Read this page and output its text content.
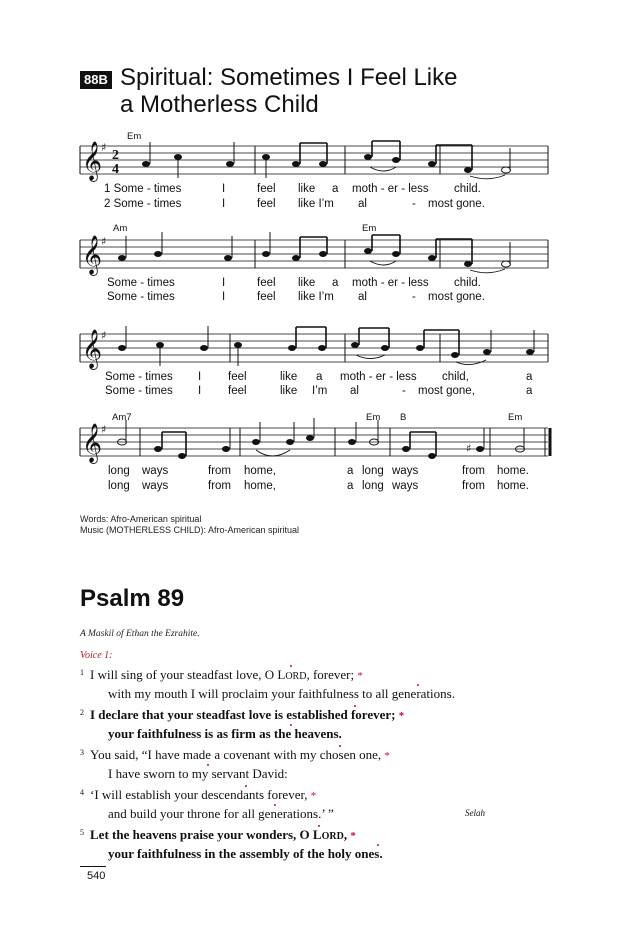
88B Spiritual: Sometimes I Feel Like
a Motherless Child
𝄞
𝄞
𝄞
𝄞
♯
♯
♯
♯
2
4
♯
Em
Am	Em
Am7	Em B	Em
1 Some - times	I	feel like a moth - er - less child.
2 Some - times	I	feel like I’m al	- most gone.
Some - times	I	feel like a moth - er - less child.
Some - times	I	feel like I’m al	- most gone.
Some - times I feel	like a moth - er - less child,	a
Some - times I feel	like I’m al	- most gone,	a
long ways	from home,	a long ways	from home.
long ways	from home,	a long ways	from home.
Words: Afro-American spiritual
Music (MOTHERLESS CHILD): Afro-American spiritual
Psalm 89
A Maskil of Ethan the Ezrahite.
Voice 1:
1 I will sing of your steadfast love, O LORD, forever; *
with my mouth I will proclaim your faithfulness to all generations.
2 I declare that your steadfast love is established forever; *
your faithfulness is as firm as the heavens.
3 You said, “I have made a covenant with my chosen one, *
I have sworn to my servant David:
4 ‘I will establish your descendants forever, *
and build your throne for all generations.’ ”	Selah
5 Let the heavens praise your wonders, O LORD, *
your faithfulness in the assembly of the holy ones.
540
